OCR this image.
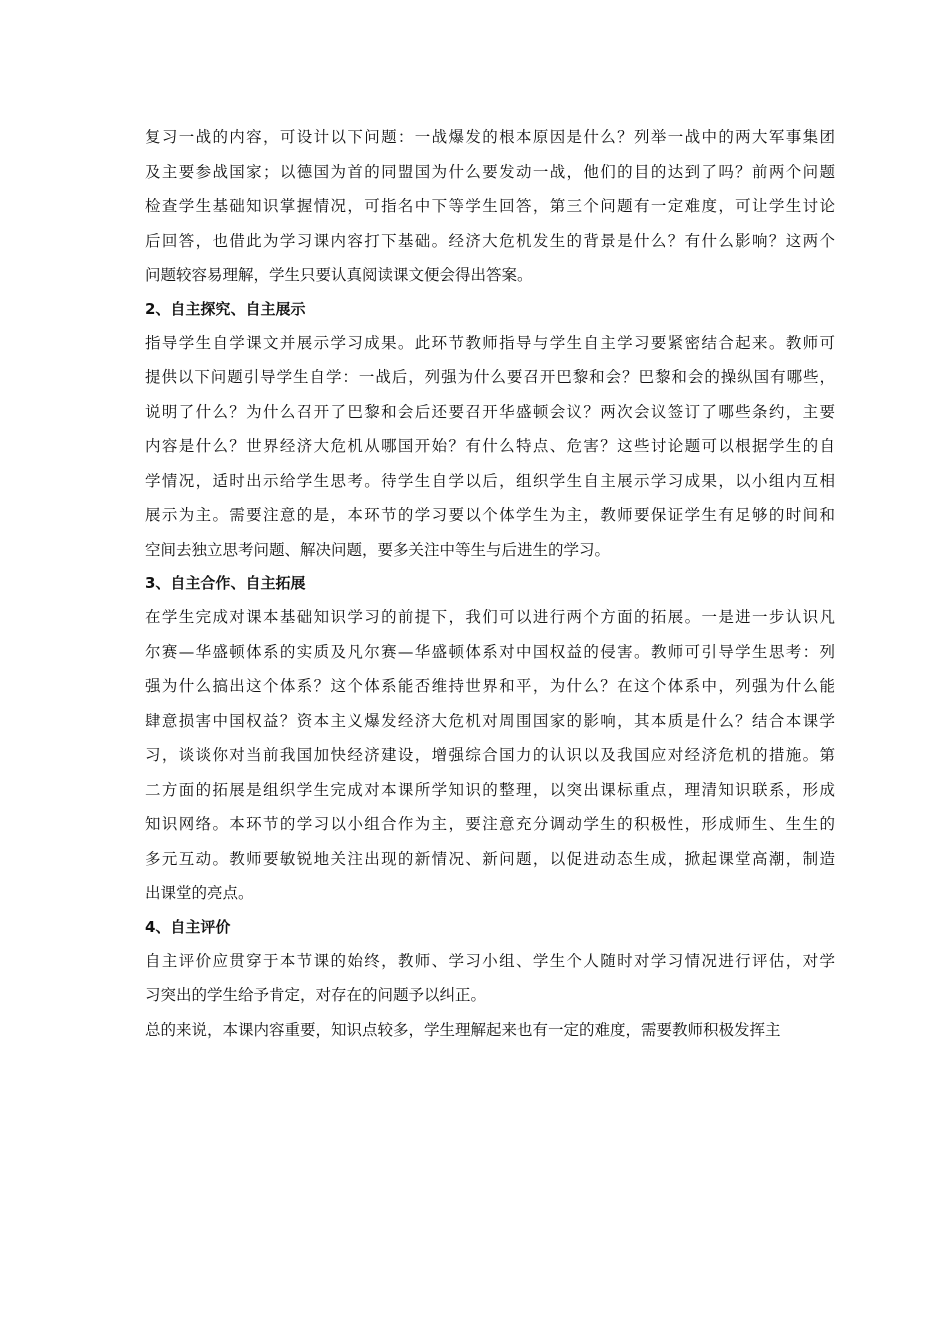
复习一战的内容，可设计以下问题：一战爆发的根本原因是什么？列举一战中的两大军事集团
及主要参战国家；以德国为首的同盟国为什么要发动一战，他们的目的达到了吗？前两个问题
检查学生基础知识掌握情况，可指名中下等学生回答，第三个问题有一定难度，可让学生讨论
后回答，也借此为学习课内容打下基础。经济大危机发生的背景是什么？有什么影响？这两个
问题较容易理解，学生只要认真阅读课文便会得出答案。
2、自主探究、自主展示
指导学生自学课文并展示学习成果。此环节教师指导与学生自主学习要紧密结合起来。教师可
提供以下问题引导学生自学：一战后，列强为什么要召开巴黎和会？巴黎和会的操纵国有哪些，
说明了什么？为什么召开了巴黎和会后还要召开华盛顿会议？两次会议签订了哪些条约，主要
内容是什么？世界经济大危机从哪国开始？有什么特点、危害？这些讨论题可以根据学生的自
学情况，适时出示给学生思考。待学生自学以后，组织学生自主展示学习成果，以小组内互相
展示为主。需要注意的是，本环节的学习要以个体学生为主，教师要保证学生有足够的时间和
空间去独立思考问题、解决问题，要多关注中等生与后进生的学习。
3、自主合作、自主拓展
在学生完成对课本基础知识学习的前提下，我们可以进行两个方面的拓展。一是进一步认识凡
尔赛—华盛顿体系的实质及凡尔赛—华盛顿体系对中国权益的侵害。教师可引导学生思考：列
强为什么搞出这个体系？这个体系能否维持世界和平，为什么？在这个体系中，列强为什么能
肆意损害中国权益？资本主义爆发经济大危机对周围国家的影响，其本质是什么？结合本课学
习，谈谈你对当前我国加快经济建设，增强综合国力的认识以及我国应对经济危机的措施。第
二方面的拓展是组织学生完成对本课所学知识的整理，以突出课标重点，理清知识联系，形成
知识网络。本环节的学习以小组合作为主，要注意充分调动学生的积极性，形成师生、生生的
多元互动。教师要敏锐地关注出现的新情况、新问题，以促进动态生成，掀起课堂高潮，制造
出课堂的亮点。
4、自主评价
自主评价应贯穿于本节课的始终，教师、学习小组、学生个人随时对学习情况进行评估，对学
习突出的学生给予肯定，对存在的问题予以纠正。
总的来说，本课内容重要，知识点较多，学生理解起来也有一定的难度，需要教师积极发挥主
